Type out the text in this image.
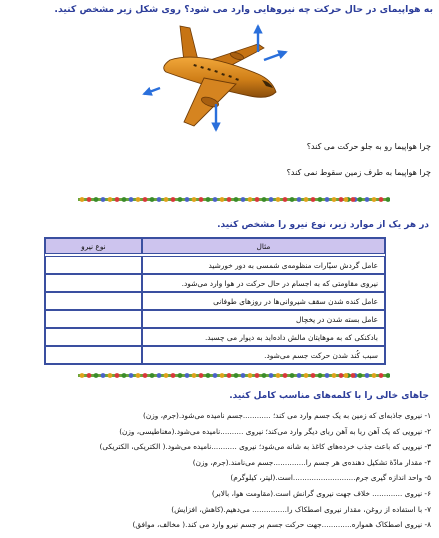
به هواپیمای در حال حرکت چه نیروهایی وارد می شود؟ روی شکل زیر مشخص کنید.
چرا هواپیما رو به جلو حرکت می کند؟
چرا هواپیما به طرف زمین سقوط نمی کند؟
در هر یک از موارد زیر، نوع نیرو را مشخص کنید.
مثال	نوع نیرو

عامل گردش سیّارات منظومه‌ی شمسی به دور خورشید	
نیروی مقاومتی که به اجسام در حال حرکت در هوا وارد می‌شود.	
عامل کنده شدن سقف شیروانی‌ها در روزهای طوفانی	
عامل بسته شدن در یخچال	
بادکنکی که به موهایتان مالش داده‌اید به دیوار می چسبد.	
سبب کُند شدن حرکت جسم می‌شود.	
جاهای خالی را با کلمه‌های مناسب کامل کنید.
۱- نیروی جاذبه‌ای که زمین به یک جسم وارد می کند؛ ............جسم نامیده می‌شود.(جرم، وزن)
۲- نیرویی که یک آهن ربا به آهن ربای دیگر وارد می‌کند؛ نیروی ..........نامیده می‌شود.(مغناطیسی، وزن)
۳- نیرویی که باعث جذب خرده‌های کاغذ به شانه می‌شود؛ نیروی ...........نامیده می‌شود.( الکتریکی، الکتریکی)
۴- مقدار مادّهٔ تشکیل دهنده‌ی هر جسم را..............جسم می‌نامند.(جرم، وزن)
۵- واحد اندازه گیری جرم...........................است.(لیتر، کیلوگرم)
۶- نیروی ............. خلاف جهت نیروی گرانش است.(مقاومت هوا، بالابر)
۷- با استفاده از روغن، مقدار نیروی اصطکاک را............... می‌دهیم.(کاهش، افزایش)
۸- نیروی اصطکاک همواره.............جهت حرکت جسم بر جسم نیرو وارد می کند.( مخالف، موافق)
